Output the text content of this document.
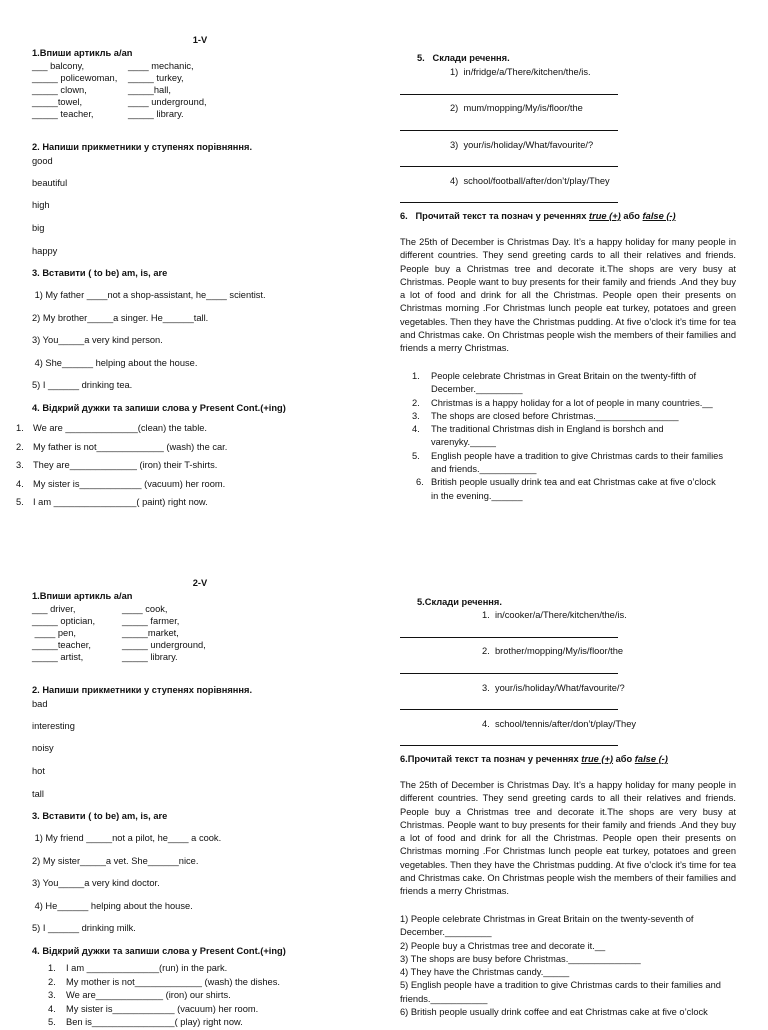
1-V
1.Впиши артикль a/an
___ balcony,	____ mechanic,
_____ policewoman,	_____ turkey,
_____ clown,	_____hall,
_____towel,	____ underground,
_____ teacher,	_____ library.
2. Напиши прикметники у ступенях порівняння.
good
beautiful
high
big
happy
3. Вставити ( to be) am, is, are
1) My father ____not a shop-assistant, he____ scientist.
2) My brother_____a singer. He______tall.
3) You_____a very kind person.
4) She______ helping about the house.
5) I ______ drinking tea.
4. Відкрий дужки та запиши слова у Present Cont.(+ing)
1. We are ______________(clean) the table.
2. My father is not_____________ (wash) the car.
3. They are_____________ (iron) their T-shirts.
4. My sister is____________ (vacuum) her room.
5. I am ________________( paint) right now.
5.   Склади речення.
1) in/fridge/a/There/kitchen/the/is.
2) mum/mopping/My/is/floor/the
3) your/is/holiday/What/favourite/?
4) school/football/after/don’t/play/They
6.   Прочитай текст та познач у реченнях true (+) або false (-)
The 25th of December is Christmas Day. It’s a happy holiday for many people in different countries. They send greeting cards to all their relatives and friends. People buy a Christmas tree and decorate it.The shops are very busy at Christmas. People want to buy presents for their family and friends .And they buy a lot of food and drink for all the Christmas. People open their presents on Christmas morning .For Christmas lunch people eat turkey, potatoes and green vegetables. Then they have the Christmas pudding. At five o’clock it’s time for tea and Christmas cake. On Christmas people wish the members of their families and friends a merry Christmas.
1.	People celebrate Christmas in Great Britain on the twenty-fifth of December._________
2.	Christmas is a happy holiday for a lot of people in many countries.__
3.	The shops are closed before Christmas.________________
4.	The traditional Christmas dish in England is borshch and varenyky._____
5.	English people have a tradition to give Christmas cards to their families and friends.___________
6. British people usually drink tea and eat Christmas cake at five o’clock in the evening.______
2-V
1.Впиши артикль a/an
___ driver,	____ cook,
_____ optician,	_____ farmer,
____ pen,	_____market,
_____teacher,	_____ underground,
_____ artist,	_____ library.
2. Напиши прикметники у ступенях порівняння.
bad
interesting
noisy
hot
tall
3. Вставити ( to be) am, is, are
1) My friend _____not a pilot, he____ a cook.
2) My sister_____a vet. She______nice.
3) You_____a very kind doctor.
4) He______ helping about the house.
5) I ______ drinking milk.
4. Відкрий дужки та запиши слова у Present Cont.(+ing)
1. I am ______________(run) in the park.
2. My mother is not_____________ (wash) the dishes.
3. We are_____________ (iron) our shirts.
4. My sister is____________ (vacuum) her room.
5. Ben is________________( play) right now.
5.Склади речення.
1. in/cooker/a/There/kitchen/the/is.
2. brother/mopping/My/is/floor/the
3. your/is/holiday/What/favourite/?
4. school/tennis/after/don’t/play/They
6.Прочитай текст та познач у реченнях true (+) або false (-)
The 25th of December is Christmas Day. It’s a happy holiday for many people in different countries. They send greeting cards to all their relatives and friends. People buy a Christmas tree and decorate it.The shops are very busy at Christmas. People want to buy presents for their family and friends .And they buy a lot of food and drink for all the Christmas. People open their presents on Christmas morning .For Christmas lunch people eat turkey, potatoes and green vegetables. Then they have the Christmas pudding. At five o’clock it’s time for tea and Christmas cake. On Christmas people wish the members of their families and friends a merry Christmas.
1) People celebrate Christmas in Great Britain on the twenty-seventh of December._________
2) People buy a Christmas tree and decorate it.__
3) The shops are busy before Christmas.______________
4) They have the Christmas candy._____
5) English people have a tradition to give Christmas cards to their families and friends.___________
6) British people usually drink coffee and eat Christmas cake at five o’clock
